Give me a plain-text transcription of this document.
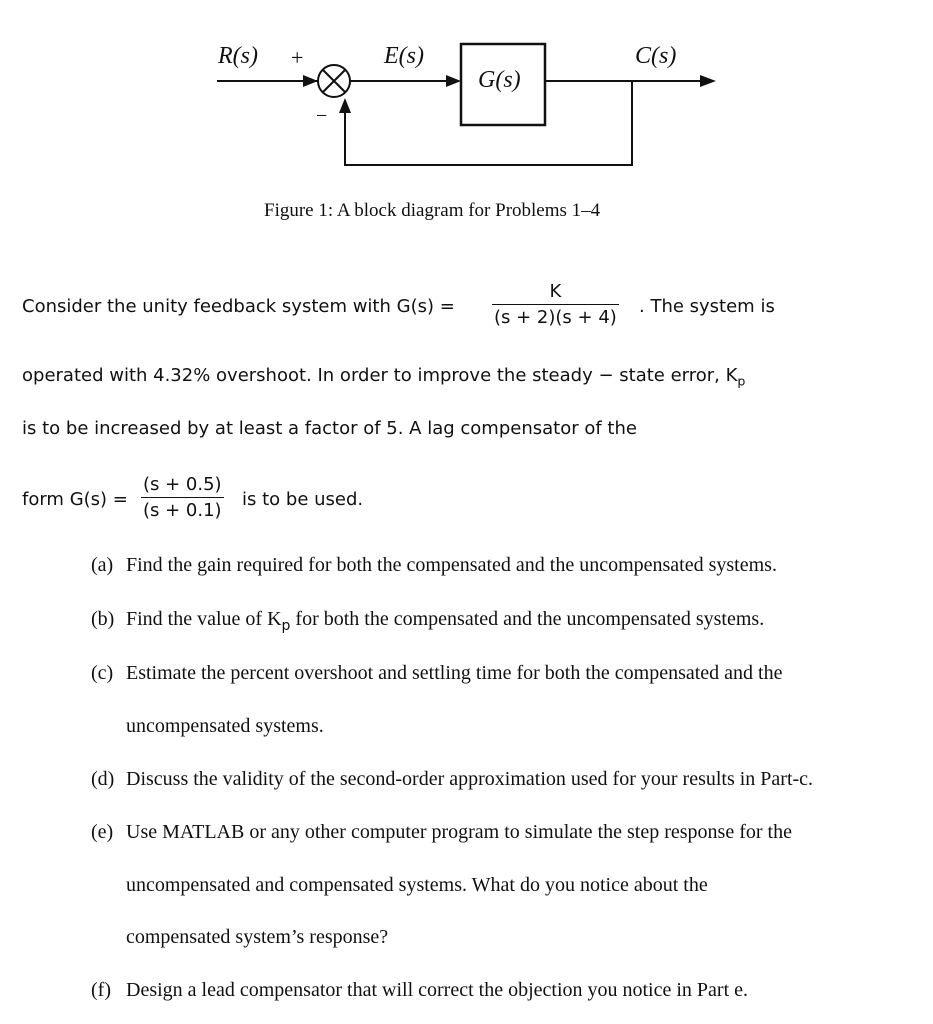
R(s) +	E(s)
G(s)
C(s)
−
Figure 1: A block diagram for Problems 1–4
Consider the unity feedback system with $G(s) = \frac{K}{(s + 2)(s + 4)}$ . The system is
operated with 4.32% overshoot. In order to improve the steady − state error, $K_p$
is to be increased by at least a factor of 5. A lag compensator of the
form $G(s) = \frac{(s + 0.5)}{(s + 0.1)}$ is to be used.
(a) Find the gain required for both the compensated and the uncompensated systems.
(b) Find the value of $K_p$ for both the compensated and the uncompensated systems.
(c) Estimate the percent overshoot and settling time for both the compensated and the
uncompensated systems.
(d) Discuss the validity of the second-order approximation used for your results in Part-c.
(e) Use MATLAB or any other computer program to simulate the step response for the
uncompensated and compensated systems. What do you notice about the
compensated system’s response?
(f) Design a lead compensator that will correct the objection you notice in Part e.
